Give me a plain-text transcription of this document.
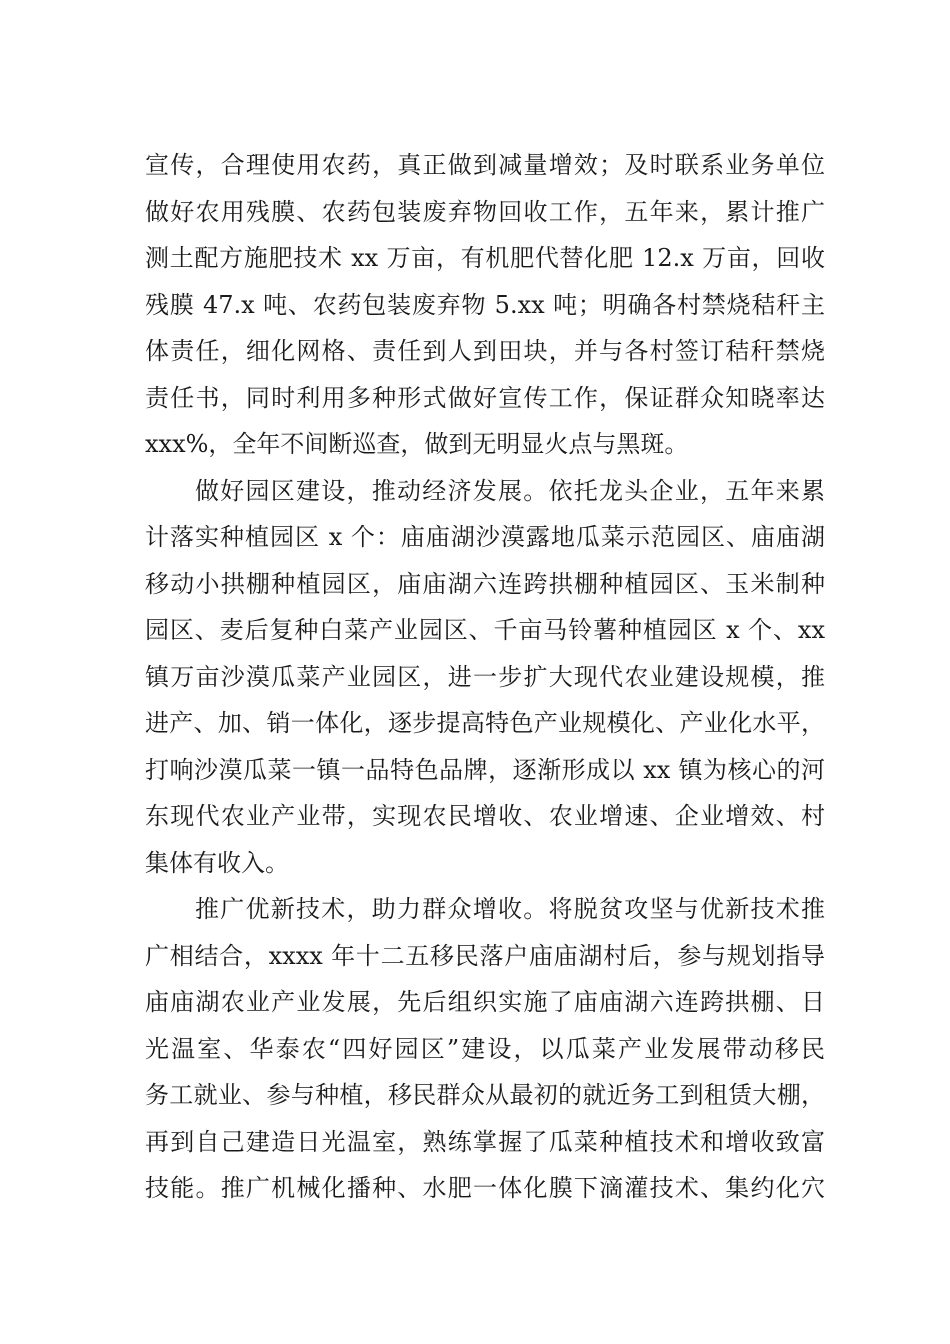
宣传，合理使用农药，真正做到减量增效；及时联系业务单位
做好农用残膜、农药包装废弃物回收工作，五年来，累计推广
测土配方施肥技术 xx 万亩，有机肥代替化肥 12.x 万亩，回收
残膜 47.x 吨、农药包装废弃物 5.xx 吨；明确各村禁烧秸秆主
体责任，细化网格、责任到人到田块，并与各村签订秸秆禁烧
责任书，同时利用多种形式做好宣传工作，保证群众知晓率达
xxx%，全年不间断巡查，做到无明显火点与黑斑。
做好园区建设，推动经济发展。依托龙头企业，五年来累
计落实种植园区 x 个：庙庙湖沙漠露地瓜菜示范园区、庙庙湖
移动小拱棚种植园区，庙庙湖六连跨拱棚种植园区、玉米制种
园区、麦后复种白菜产业园区、千亩马铃薯种植园区 x 个、xx
镇万亩沙漠瓜菜产业园区，进一步扩大现代农业建设规模，推
进产、加、销一体化，逐步提高特色产业规模化、产业化水平，
打响沙漠瓜菜一镇一品特色品牌，逐渐形成以 xx 镇为核心的河
东现代农业产业带，实现农民增收、农业增速、企业增效、村
集体有收入。
推广优新技术，助力群众增收。将脱贫攻坚与优新技术推
广相结合，xxxx 年十二五移民落户庙庙湖村后，参与规划指导
庙庙湖农业产业发展，先后组织实施了庙庙湖六连跨拱棚、日
光温室、华泰农“四好园区”建设，以瓜菜产业发展带动移民
务工就业、参与种植，移民群众从最初的就近务工到租赁大棚，
再到自己建造日光温室，熟练掌握了瓜菜种植技术和增收致富
技能。推广机械化播种、水肥一体化膜下滴灌技术、集约化穴
